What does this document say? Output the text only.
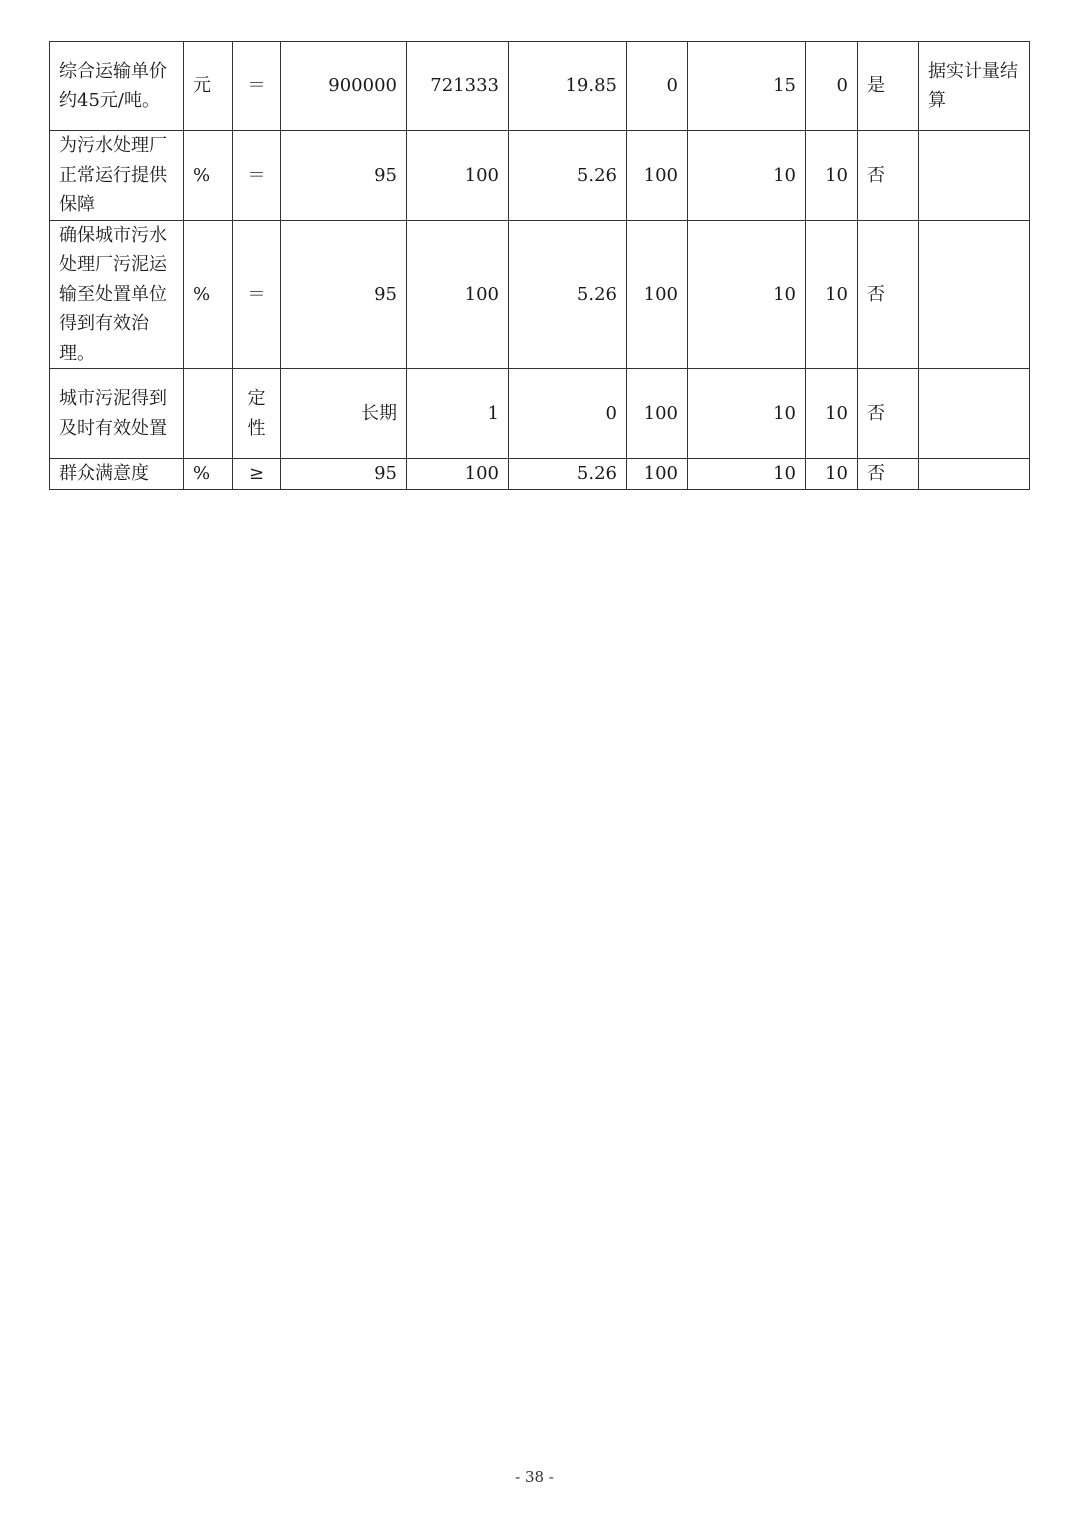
综合运输单价约45元/吨。	元	＝	900000	721333	19.85	0	15	0	是	据实计量结算
为污水处理厂正常运行提供保障	%	＝	95	100	5.26	100	10	10	否	
确保城市污水处理厂污泥运输至处置单位得到有效治理。	%	＝	95	100	5.26	100	10	10	否	
城市污泥得到及时有效处置		定性	长期	1	0	100	10	10	否	
群众满意度	%	≥	95	100	5.26	100	10	10	否	
- 38 -
